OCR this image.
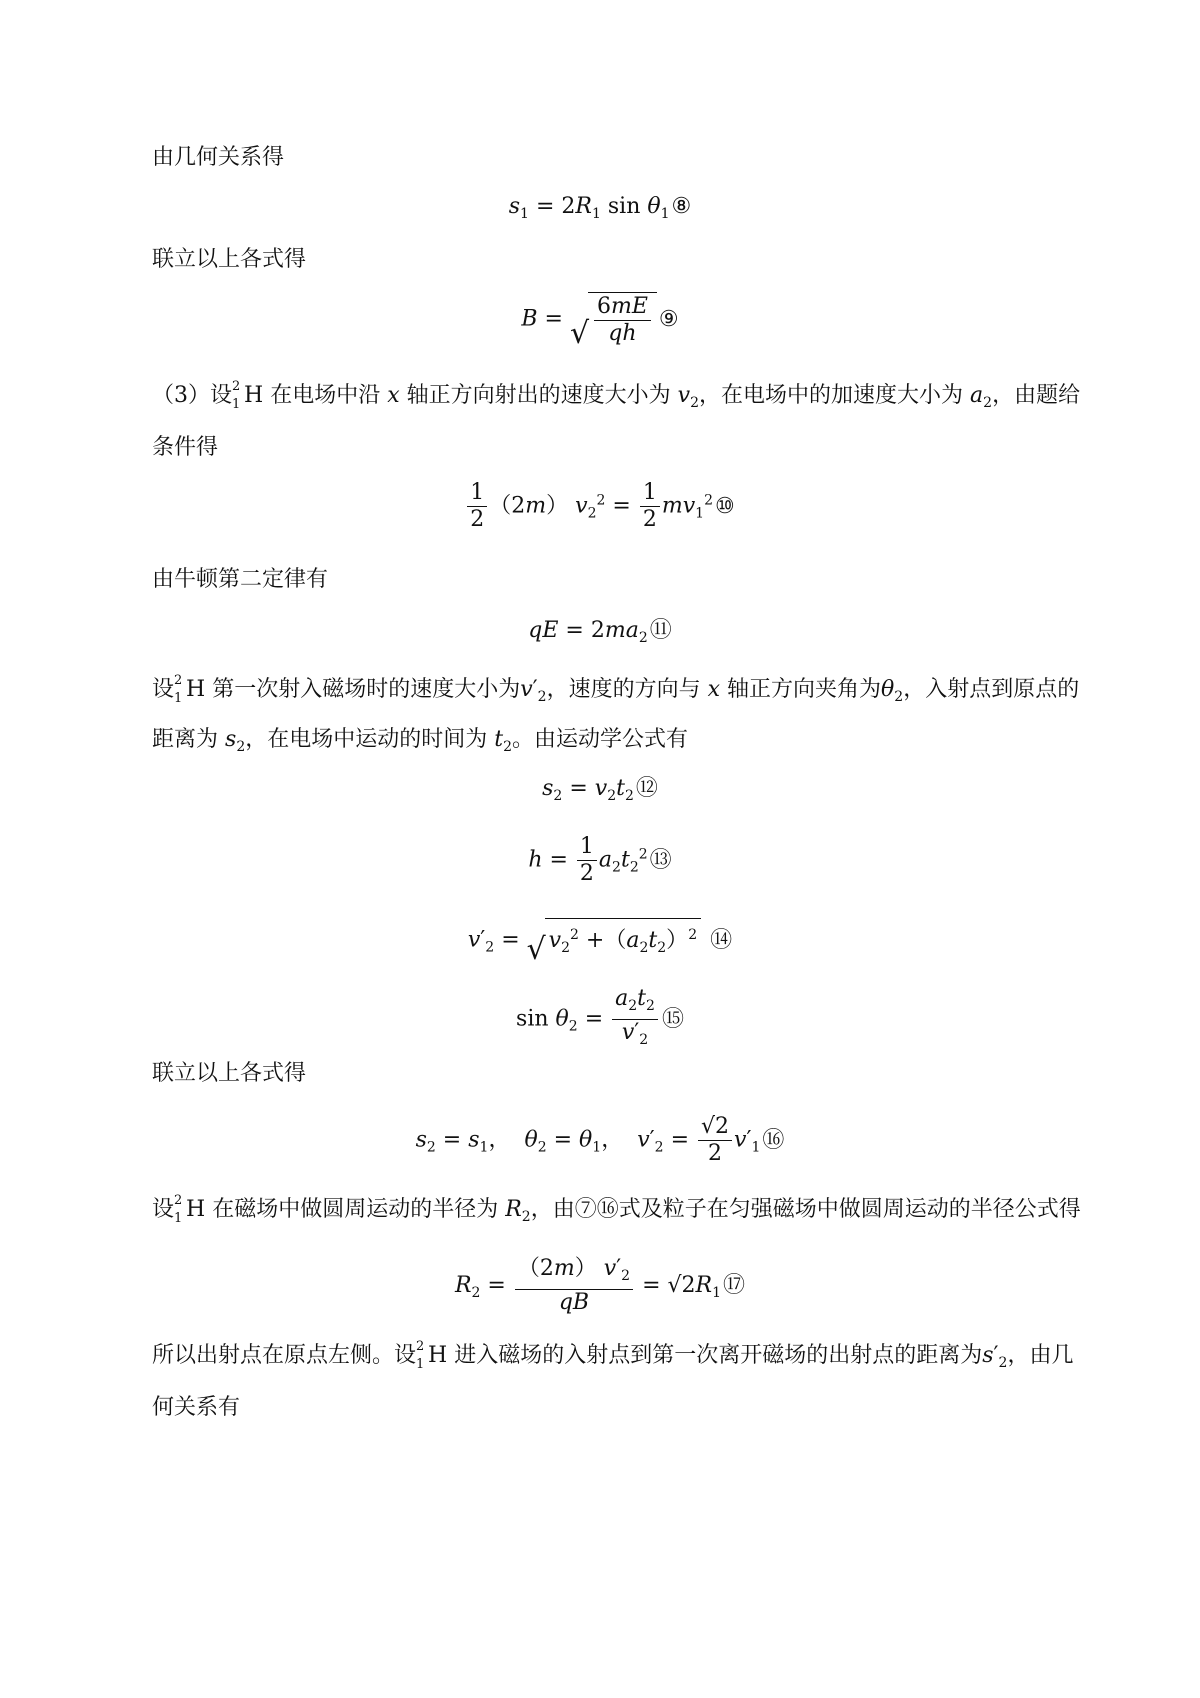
由几何关系得
$s_1 = 2R_1$ $\sin \theta_1⑧$
联立以上各式得
B = √ $\frac{6mE}{qh}$ ⑨
（3）设 2
1 H 在电场中沿 x 轴正方向射出的速度大小为 $v_2$，在电场中的加速度大小为 $a_2$，由题给
条件得
$\frac{1}{2} (2m) v_2^2 = \frac{1}{2}$ $mv_1^2⑩$
由牛顿第二定律有
qE = $2ma_2⑪$
设 2
1 H 第一次射入磁场时的速度大小为$v'_2$，速度的方向与 x 轴正方向夹角为$\theta_2$，入射点到原点的
距离为 $s_2$，在电场中运动的时间为 $t_2$。由运动学公式有
$s_2$ = $v_2t_2⑫$
$h = \frac{1}{2}$ $a_2t_2^2⑬$
$v'_2$ = √ $v_2^2 +(a_2t_2)^2$ ⑭
$\sin \theta_2 = \frac{a_2t_2}{v'_2}$ ⑮
联立以上各式得
$s_2 = s_1$，  $\theta_2 = \theta_1$，  $v'_2 = \frac{√2}{2}$ $v'_1⑯$
设 2
1 H 在磁场中做圆周运动的半径为 $R_2$，由⑦⑯式及粒子在匀强磁场中做圆周运动的半径公式得
$R_2 = \frac{(2m) v'_2}{qB}$ = $√2R_1⑰$
所以出射点在原点左侧。设 2
1 H 进入磁场的入射点到第一次离开磁场的出射点的距离为$s'_2$，由几
何关系有
